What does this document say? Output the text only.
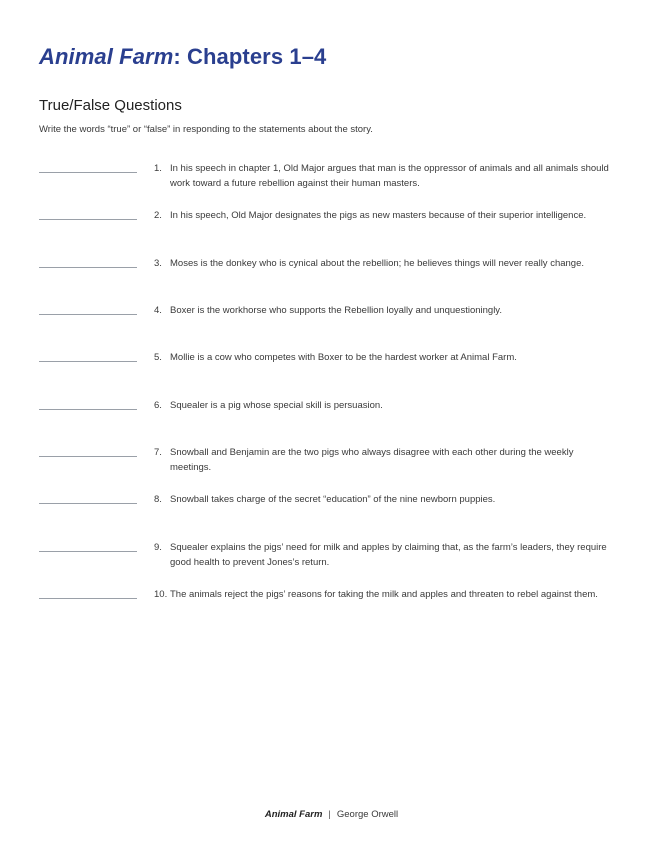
Animal Farm: Chapters 1–4
True/False Questions

Write the words “true” or “false” in responding to the statements about the story.

1. In his speech in chapter 1, Old Major argues that man is the oppressor of animals and all animals should work toward a future rebellion against their human masters.
2. In his speech, Old Major designates the pigs as new masters because of their superior intelligence.
3. Moses is the donkey who is cynical about the rebellion; he believes things will never really change.
4. Boxer is the workhorse who supports the Rebellion loyally and unquestioningly.
5. Mollie is a cow who competes with Boxer to be the hardest worker at Animal Farm.
6. Squealer is a pig whose special skill is persuasion.
7. Snowball and Benjamin are the two pigs who always disagree with each other during the weekly meetings.
8. Snowball takes charge of the secret “education” of the nine newborn puppies.
9. Squealer explains the pigs’ need for milk and apples by claiming that, as the farm’s leaders, they require good health to prevent Jones’s return.
10. The animals reject the pigs’ reasons for taking the milk and apples and threaten to rebel against them.
Animal Farm | George Orwell
